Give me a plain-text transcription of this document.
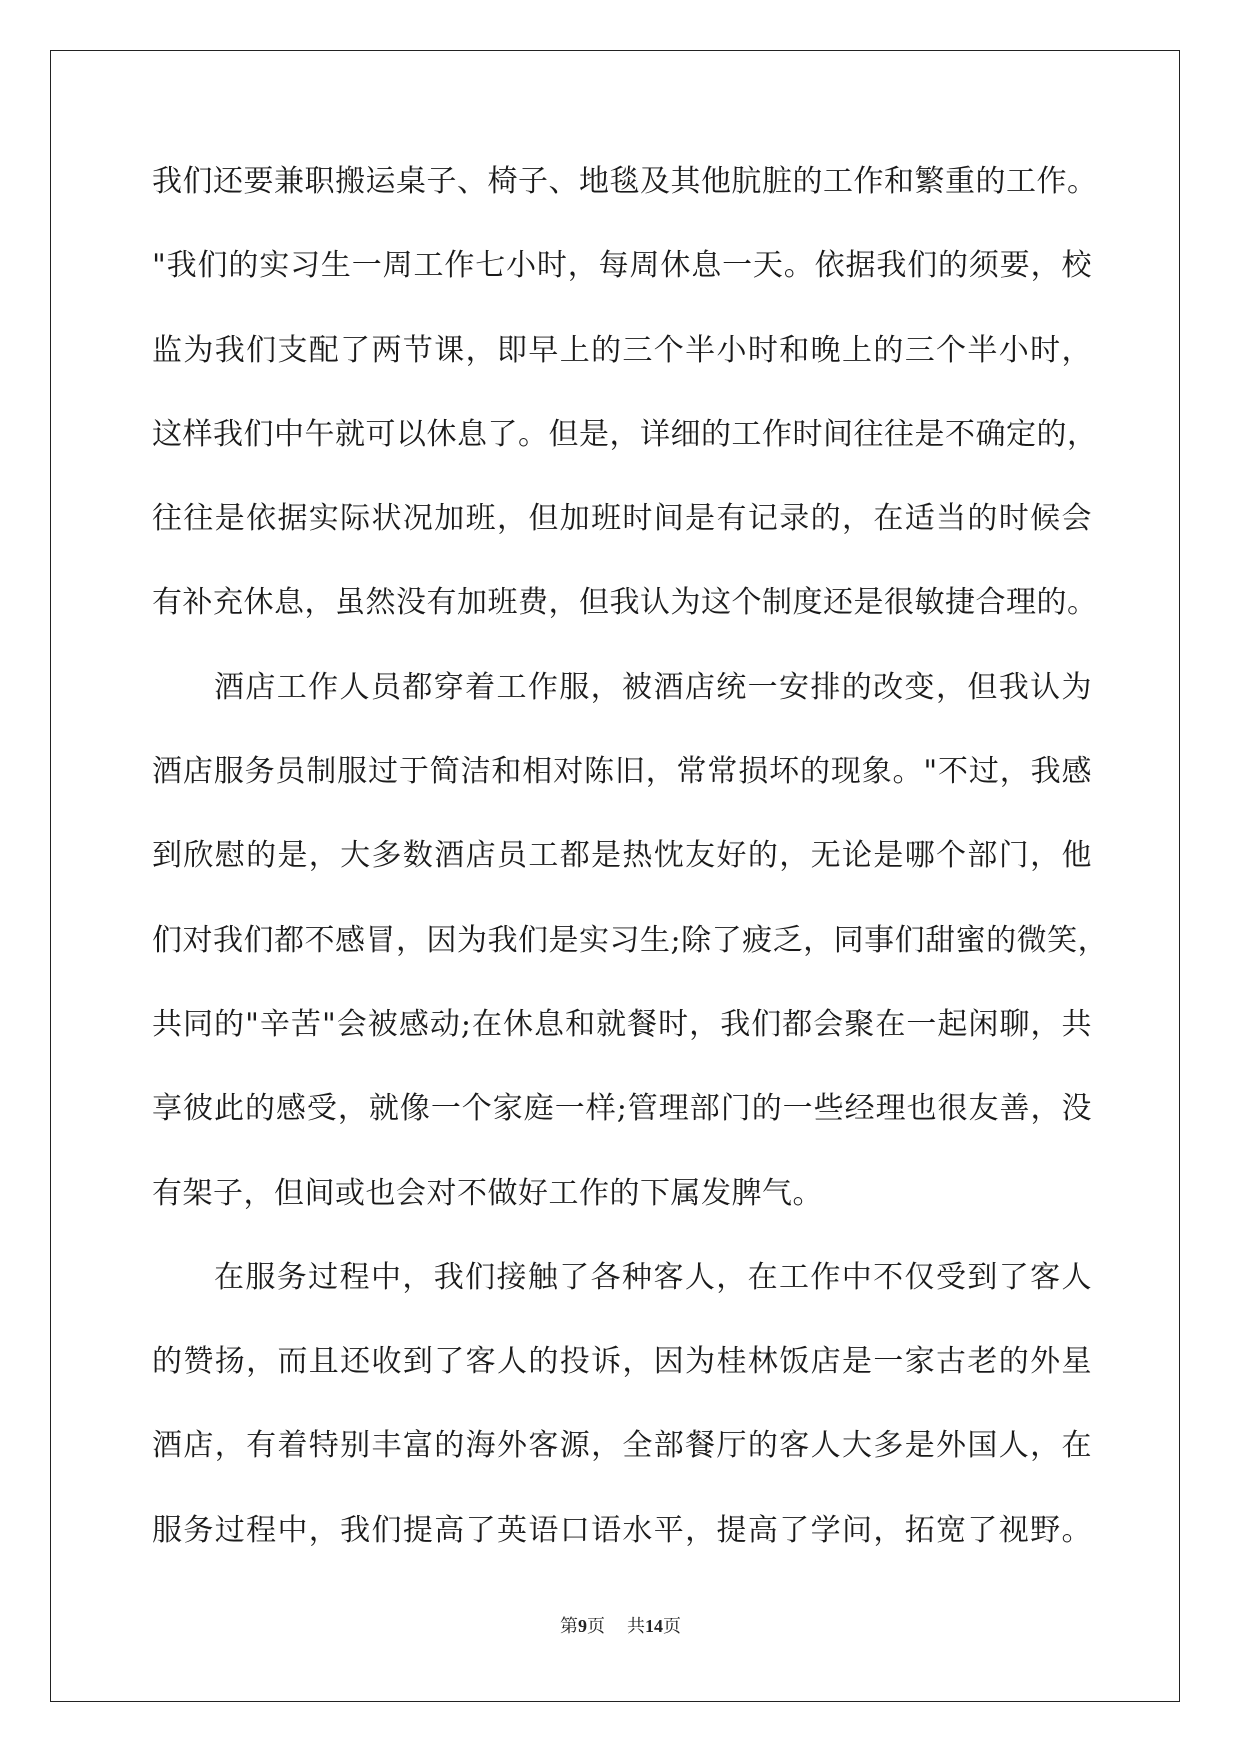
我们还要兼职搬运桌子、椅子、地毯及其他肮脏的工作和繁重的工作。
"我们的实习生一周工作七小时，每周休息一天。依据我们的须要，校
监为我们支配了两节课，即早上的三个半小时和晚上的三个半小时，
这样我们中午就可以休息了。但是，详细的工作时间往往是不确定的，
往往是依据实际状况加班，但加班时间是有记录的，在适当的时候会
有补充休息，虽然没有加班费，但我认为这个制度还是很敏捷合理的。
酒店工作人员都穿着工作服，被酒店统一安排的改变，但我认为
酒店服务员制服过于简洁和相对陈旧，常常损坏的现象。"不过，我感
到欣慰的是，大多数酒店员工都是热忱友好的，无论是哪个部门，他
们对我们都不感冒，因为我们是实习生;除了疲乏，同事们甜蜜的微笑，
共同的"辛苦"会被感动;在休息和就餐时，我们都会聚在一起闲聊，共
享彼此的感受，就像一个家庭一样;管理部门的一些经理也很友善，没
有架子，但间或也会对不做好工作的下属发脾气。
在服务过程中，我们接触了各种客人，在工作中不仅受到了客人
的赞扬，而且还收到了客人的投诉，因为桂林饭店是一家古老的外星
酒店，有着特别丰富的海外客源，全部餐厅的客人大多是外国人，在
服务过程中，我们提高了英语口语水平，提高了学问，拓宽了视野。
第9页 共14页
